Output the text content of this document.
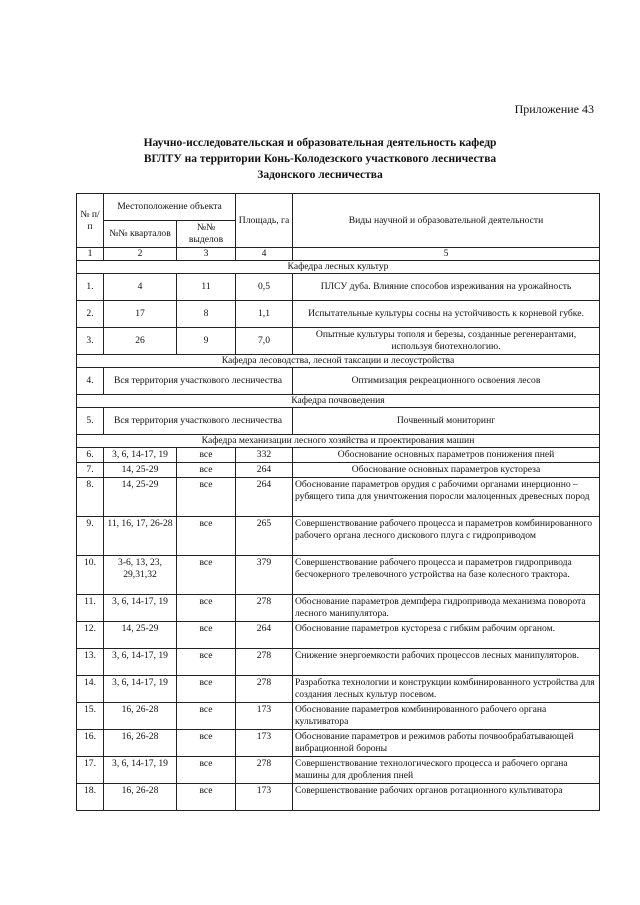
Приложение 43
Научно-исследовательская и образовательная деятельность кафедр
ВГЛТУ на территории Конь-Колодезского участкового лесничества
Задонского лесничества
№ п/п	Местоположение объекта		Площадь, га	Виды научной и образовательной деятельности
	№№ кварталов	№№ выделов		
1	2	3	4	5
Кафедра лесных культур				
1.	4	11	0,5	ПЛСУ дуба. Влияние способов изреживания на урожайность
2.	17	8	1,1	Испытательные культуры сосны на устойчивость к корневой губке.
3.	26	9	7,0	Опытные культуры тополя и березы, созданные регенерантами, используя биотехнологию.
Кафедра лесоводства, лесной таксации и лесоустройства				
4.	Вся территория участкового лесничества			Оптимизация рекреационного освоения лесов
Кафедра почвоведения				
5.	Вся территория участкового лесничества			Почвенный мониторинг
Кафедра механизации лесного хозяйства и проектирования машин				
6.	3, 6, 14-17, 19	все	332	Обоснование основных параметров понижения пней
7.	14, 25-29	все	264	Обоснование основных параметров кустореза
8.	14, 25-29	все	264	Обоснование параметров орудия с рабочими органами инерционно – рубящего типа для уничтожения поросли малоценных древесных пород
9.	11, 16, 17, 26-28	все	265	Совершенствование рабочего процесса и параметров комбинированного рабочего органа лесного дискового плуга с гидроприводом
10.	3-6, 13, 23, 29,31,32	все	379	Совершенствование рабочего процесса и параметров гидропривода бесчокерного трелевочного устройства на базе колесного трактора.
11.	3, 6, 14-17, 19	все	278	Обоснование параметров демпфера гидропривода механизма поворота лесного манипулятора.
12.	14, 25-29	все	264	Обоснование параметров кустореза с гибким рабочим органом.
13.	3, 6, 14-17, 19	все	278	Снижение энергоемкости рабочих процессов лесных манипуляторов.
14.	3, 6, 14-17, 19	все	278	Разработка технологии и конструкции комбинированного устройства для создания лесных культур посевом.
15.	16, 26-28	все	173	Обоснование параметров комбинированного рабочего органа культиватора
16.	16, 26-28	все	173	Обоснование параметров и режимов работы почвообрабатывающей вибрационной бороны
17.	3, 6, 14-17, 19	все	278	Совершенствование технологического процесса и рабочего органа машины для дробления пней
18.	16, 26-28	все	173	Совершенствование рабочих органов ротационного культиватора
